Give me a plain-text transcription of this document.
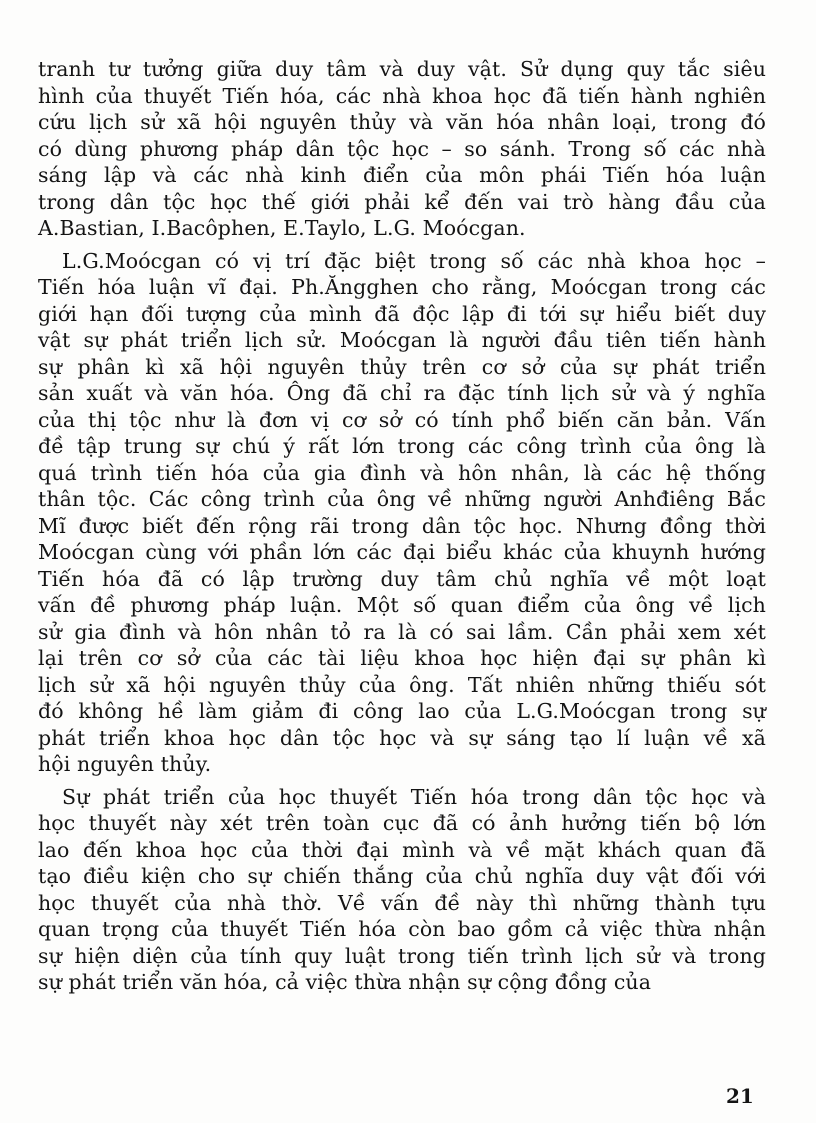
tranh tư tưởng giữa duy tâm và duy vật. Sử dụng quy tắc siêu
hình của thuyết Tiến hóa, các nhà khoa học đã tiến hành nghiên
cứu lịch sử xã hội nguyên thủy và văn hóa nhân loại, trong đó
có dùng phương pháp dân tộc học – so sánh. Trong số các nhà
sáng lập và các nhà kinh điển của môn phái Tiến hóa luận
trong dân tộc học thế giới phải kể đến vai trò hàng đầu của
A.Bastian, I.Bacôphen, E.Taylo, L.G. Moócgan.
L.G.Moócgan có vị trí đặc biệt trong số các nhà khoa học –
Tiến hóa luận vĩ đại. Ph.Ăngghen cho rằng, Moócgan trong các
giới hạn đối tượng của mình đã độc lập đi tới sự hiểu biết duy
vật sự phát triển lịch sử. Moócgan là người đầu tiên tiến hành
sự phân kì xã hội nguyên thủy trên cơ sở của sự phát triển
sản xuất và văn hóa. Ông đã chỉ ra đặc tính lịch sử và ý nghĩa
của thị tộc như là đơn vị cơ sở có tính phổ biến căn bản. Vấn
đề tập trung sự chú ý rất lớn trong các công trình của ông là
quá trình tiến hóa của gia đình và hôn nhân, là các hệ thống
thân tộc. Các công trình của ông về những người Anhđiêng Bắc
Mĩ được biết đến rộng rãi trong dân tộc học. Nhưng đồng thời
Moócgan cùng với phần lớn các đại biểu khác của khuynh hướng
Tiến hóa đã có lập trường duy tâm chủ nghĩa về một loạt
vấn đề phương pháp luận. Một số quan điểm của ông về lịch
sử gia đình và hôn nhân tỏ ra là có sai lầm. Cần phải xem xét
lại trên cơ sở của các tài liệu khoa học hiện đại sự phân kì
lịch sử xã hội nguyên thủy của ông. Tất nhiên những thiếu sót
đó không hề làm giảm đi công lao của L.G.Moócgan trong sự
phát triển khoa học dân tộc học và sự sáng tạo lí luận về xã
hội nguyên thủy.
Sự phát triển của học thuyết Tiến hóa trong dân tộc học và
học thuyết này xét trên toàn cục đã có ảnh hưởng tiến bộ lớn
lao đến khoa học của thời đại mình và về mặt khách quan đã
tạo điều kiện cho sự chiến thắng của chủ nghĩa duy vật đối với
học thuyết của nhà thờ. Về vấn đề này thì những thành tựu
quan trọng của thuyết Tiến hóa còn bao gồm cả việc thừa nhận
sự hiện diện của tính quy luật trong tiến trình lịch sử và trong
sự phát triển văn hóa, cả việc thừa nhận sự cộng đồng của
21
